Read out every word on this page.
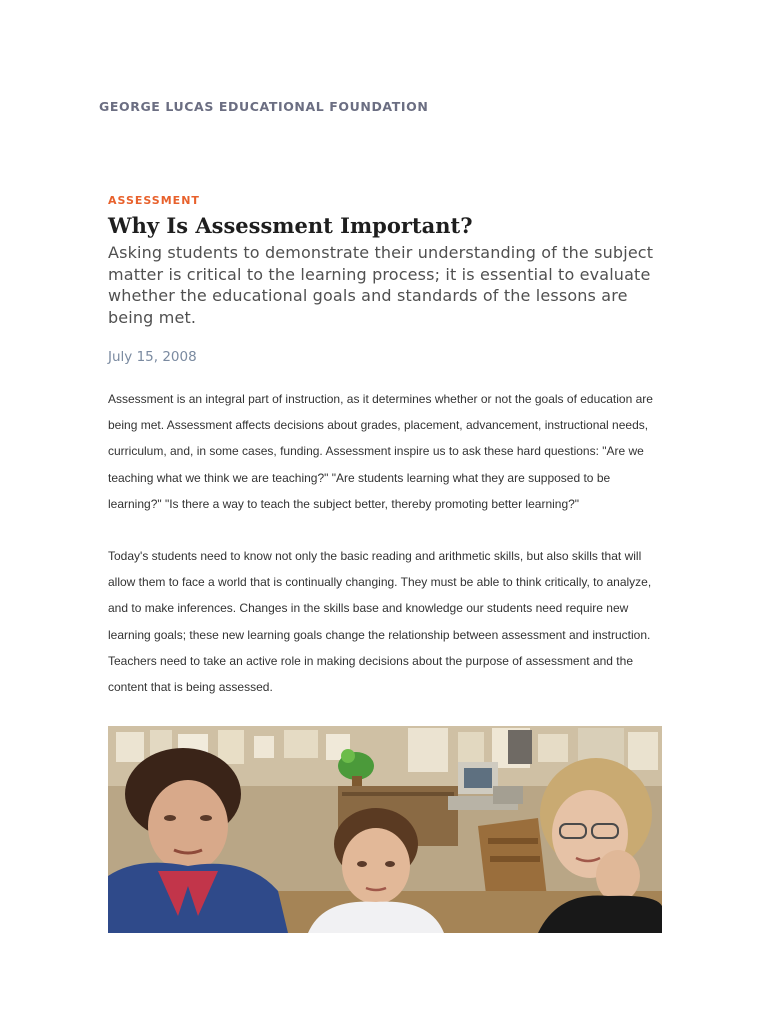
GEORGE LUCAS EDUCATIONAL FOUNDATION

ASSESSMENT

Why Is Assessment Important?

Asking students to demonstrate their understanding of the subject matter is critical to the learning process; it is essential to evaluate whether the educational goals and standards of the lessons are being met.

July 15, 2008

Assessment is an integral part of instruction, as it determines whether or not the goals of education are being met. Assessment affects decisions about grades, placement, advancement, instructional needs, curriculum, and, in some cases, funding. Assessment inspire us to ask these hard questions: "Are we teaching what we think we are teaching?" "Are students learning what they are supposed to be learning?" "Is there a way to teach the subject better, thereby promoting better learning?"

Today's students need to know not only the basic reading and arithmetic skills, but also skills that will allow them to face a world that is continually changing. They must be able to think critically, to analyze, and to make inferences. Changes in the skills base and knowledge our students need require new learning goals; these new learning goals change the relationship between assessment and instruction. Teachers need to take an active role in making decisions about the purpose of assessment and the content that is being assessed.
